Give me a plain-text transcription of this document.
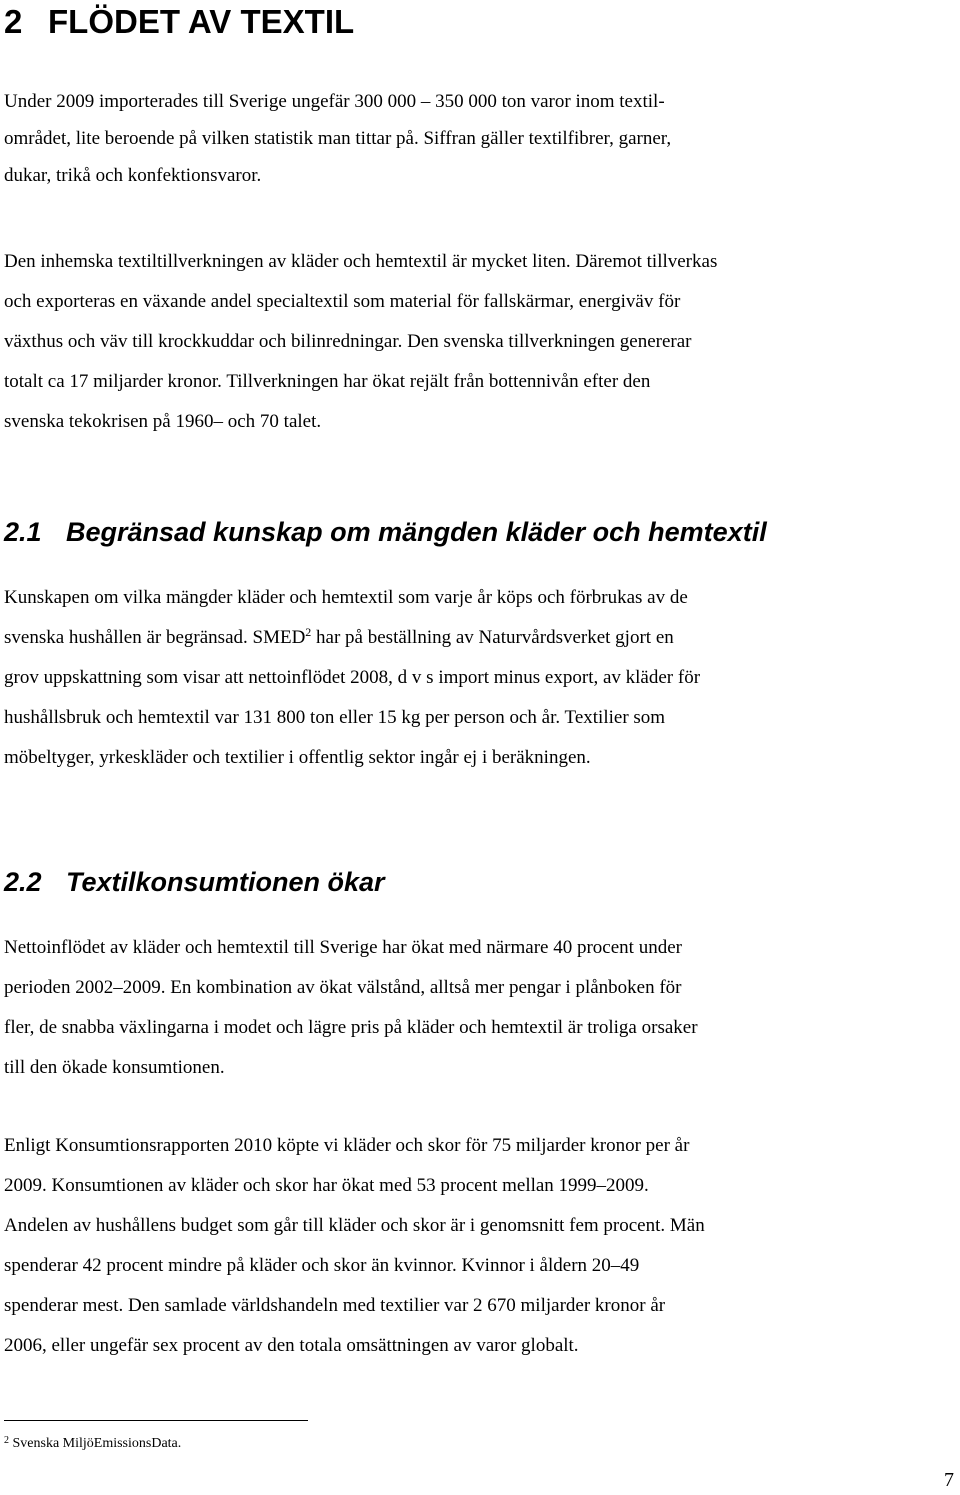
2 FLÖDET AV TEXTIL
Under 2009 importerades till Sverige ungefär 300 000 – 350 000 ton varor inom textil-
området, lite beroende på vilken statistik man tittar på. Siffran gäller textilfibrer, garner,
dukar, trikå och konfektionsvaror.
Den inhemska textiltillverkningen av kläder och hemtextil är mycket liten. Däremot tillverkas
och exporteras en växande andel specialtextil som material för fallskärmar, energiväv för
växthus och väv till krockkuddar och bilinredningar. Den svenska tillverkningen genererar
totalt ca 17 miljarder kronor. Tillverkningen har ökat rejält från bottennivån efter den
svenska tekokrisen på 1960– och 70 talet.
2.1 Begränsad kunskap om mängden kläder och hemtextil
Kunskapen om vilka mängder kläder och hemtextil som varje år köps och förbrukas av de
svenska hushållen är begränsad. SMED$^2$ har på beställning av Naturvårdsverket gjort en
grov uppskattning som visar att nettoinflödet 2008, d v s import minus export, av kläder för
hushållsbruk och hemtextil var 131 800 ton eller 15 kg per person och år. Textilier som
möbeltyger, yrkeskläder och textilier i offentlig sektor ingår ej i beräkningen.
2.2 Textilkonsumtionen ökar
Nettoinflödet av kläder och hemtextil till Sverige har ökat med närmare 40 procent under
perioden 2002–2009. En kombination av ökat välstånd, alltså mer pengar i plånboken för
fler, de snabba växlingarna i modet och lägre pris på kläder och hemtextil är troliga orsaker
till den ökade konsumtionen.
Enligt Konsumtionsrapporten 2010 köpte vi kläder och skor för 75 miljarder kronor per år
2009. Konsumtionen av kläder och skor har ökat med 53 procent mellan 1999–2009.
Andelen av hushållens budget som går till kläder och skor är i genomsnitt fem procent. Män
spenderar 42 procent mindre på kläder och skor än kvinnor. Kvinnor i åldern 20–49
spenderar mest. Den samlade världshandeln med textilier var 2 670 miljarder kronor år
2006, eller ungefär sex procent av den totala omsättningen av varor globalt.

$^2$ Svenska MiljöEmissionsData.

7
